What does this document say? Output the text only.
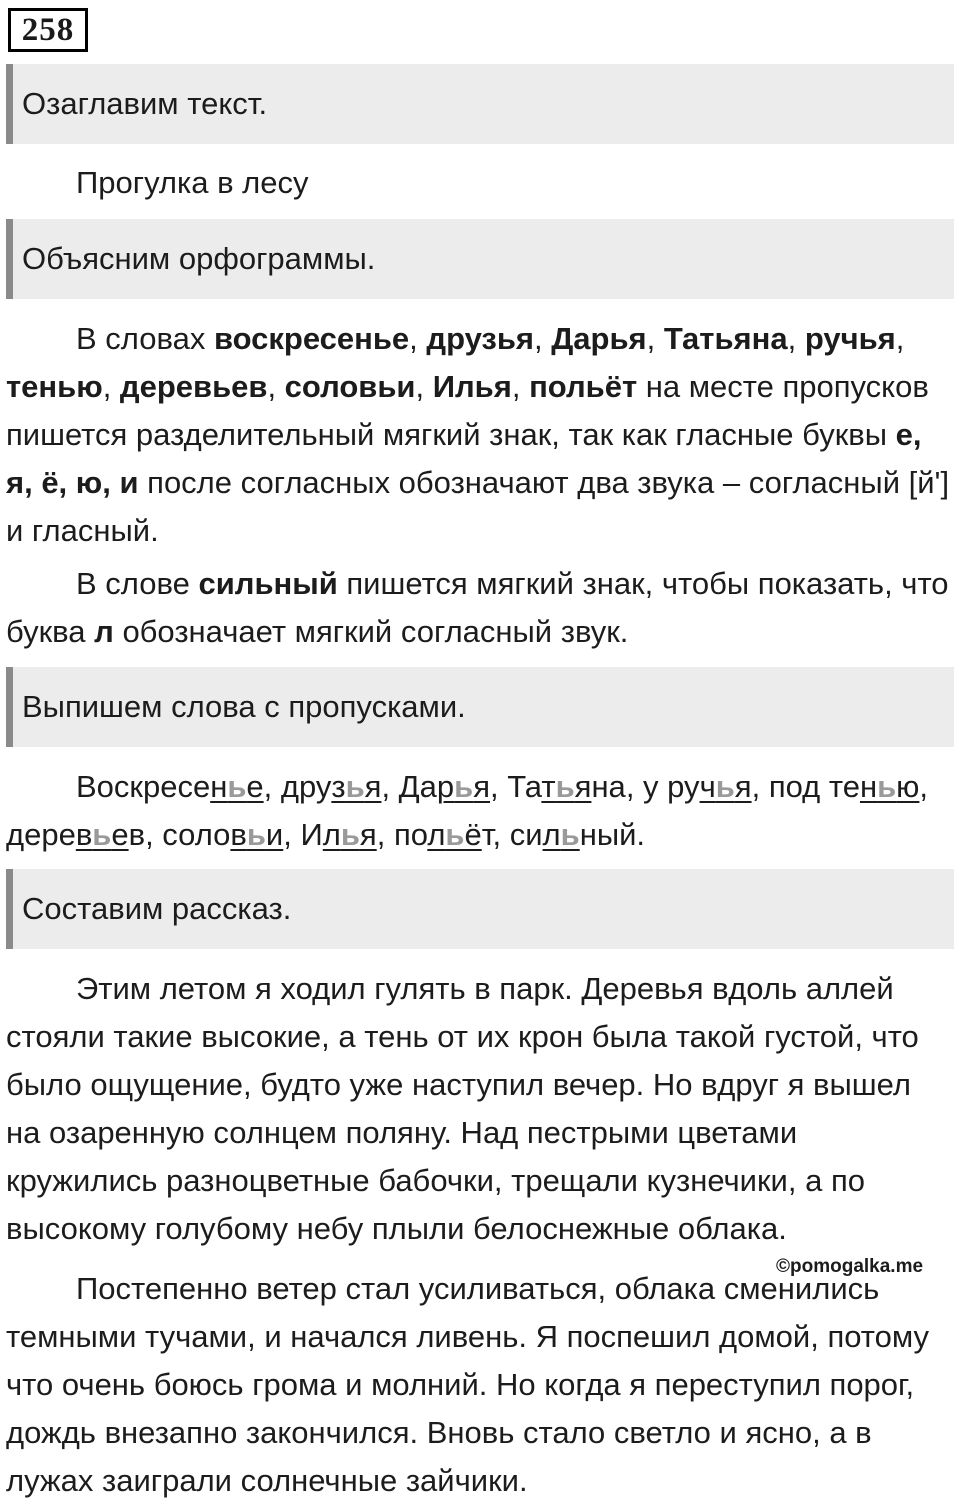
258
Озаглавим текст.
Прогулка в лесу
Объясним орфограммы.
В словах воскресенье, друзья, Дарья, Татьяна, ручья, тенью, деревьев, соловьи, Илья, польёт на месте пропусков пишется разделительный мягкий знак, так как гласные буквы е, я, ё, ю, и после согласных обозначают два звука – согласный [й'] и гласный.
В слове сильный пишется мягкий знак, чтобы показать, что буква л обозначает мягкий согласный звук.
Выпишем слова с пропусками.
Воскресенье, друзья, Дарья, Татьяна, у ручья, под тенью, деревьев, соловьи, Илья, польёт, сильный.
Составим рассказ.
Этим летом я ходил гулять в парк. Деревья вдоль аллей стояли такие высокие, а тень от их крон была такой густой, что было ощущение, будто уже наступил вечер. Но вдруг я вышел на озаренную солнцем поляну. Над пестрыми цветами кружились разноцветные бабочки, трещали кузнечики, а по высокому голубому небу плыли белоснежные облака.
©pomogalka.me
Постепенно ветер стал усиливаться, облака сменились темными тучами, и начался ливень. Я поспешил домой, потому что очень боюсь грома и молний. Но когда я переступил порог, дождь внезапно закончился. Вновь стало светло и ясно, а в лужах заиграли солнечные зайчики.
